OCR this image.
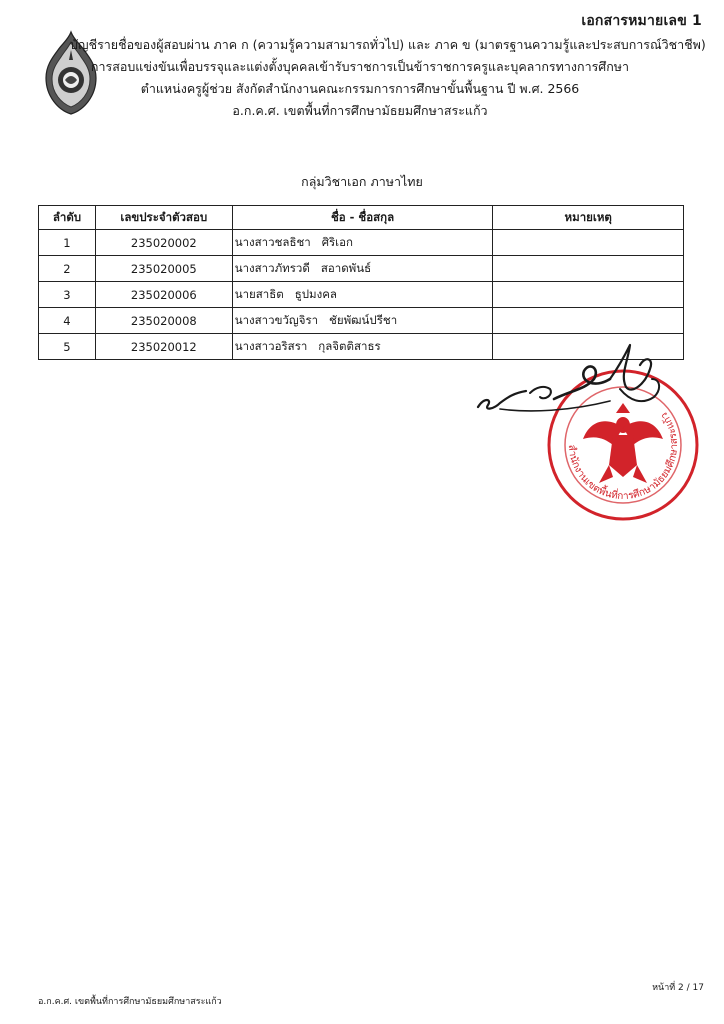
เอกสารหมายเลข 1
บัญชีรายชื่อของผู้สอบผ่าน ภาค ก (ความรู้ความสามารถทั่วไป) และ ภาค ข (มาตรฐานความรู้และประสบการณ์วิชาชีพ)
การสอบแข่งขันเพื่อบรรจุและแต่งตั้งบุคคลเข้ารับราชการเป็นข้าราชการครูและบุคลากรทางการศึกษา
ตำแหน่งครูผู้ช่วย สังกัดสำนักงานคณะกรรมการการศึกษาขั้นพื้นฐาน ปี พ.ศ. 2566
อ.ก.ค.ศ. เขตพื้นที่การศึกษามัธยมศึกษาสระแก้ว
กลุ่มวิชาเอก ภาษาไทย
ลำดับ	เลขประจำตัวสอบ	ชื่อ - ชื่อสกุล	หมายเหตุ
1	235020002	นางสาวชลธิชา   ศิริเอก	
2	235020005	นางสาวภัทรวดี   สอาดพันธ์	
3	235020006	นายสาธิต   ธูปมงคล	
4	235020008	นางสาวขวัญจิรา   ชัยพัฒน์ปรีชา	
5	235020012	นางสาวอริสรา   กุลจิตติสาธร	
สำนักงานเขตพื้นที่การศึกษามัธยมศึกษาสระแก้ว
อ.ก.ค.ศ. เขตพื้นที่การศึกษามัธยมศึกษาสระแก้ว
หน้าที่ 2 / 17
